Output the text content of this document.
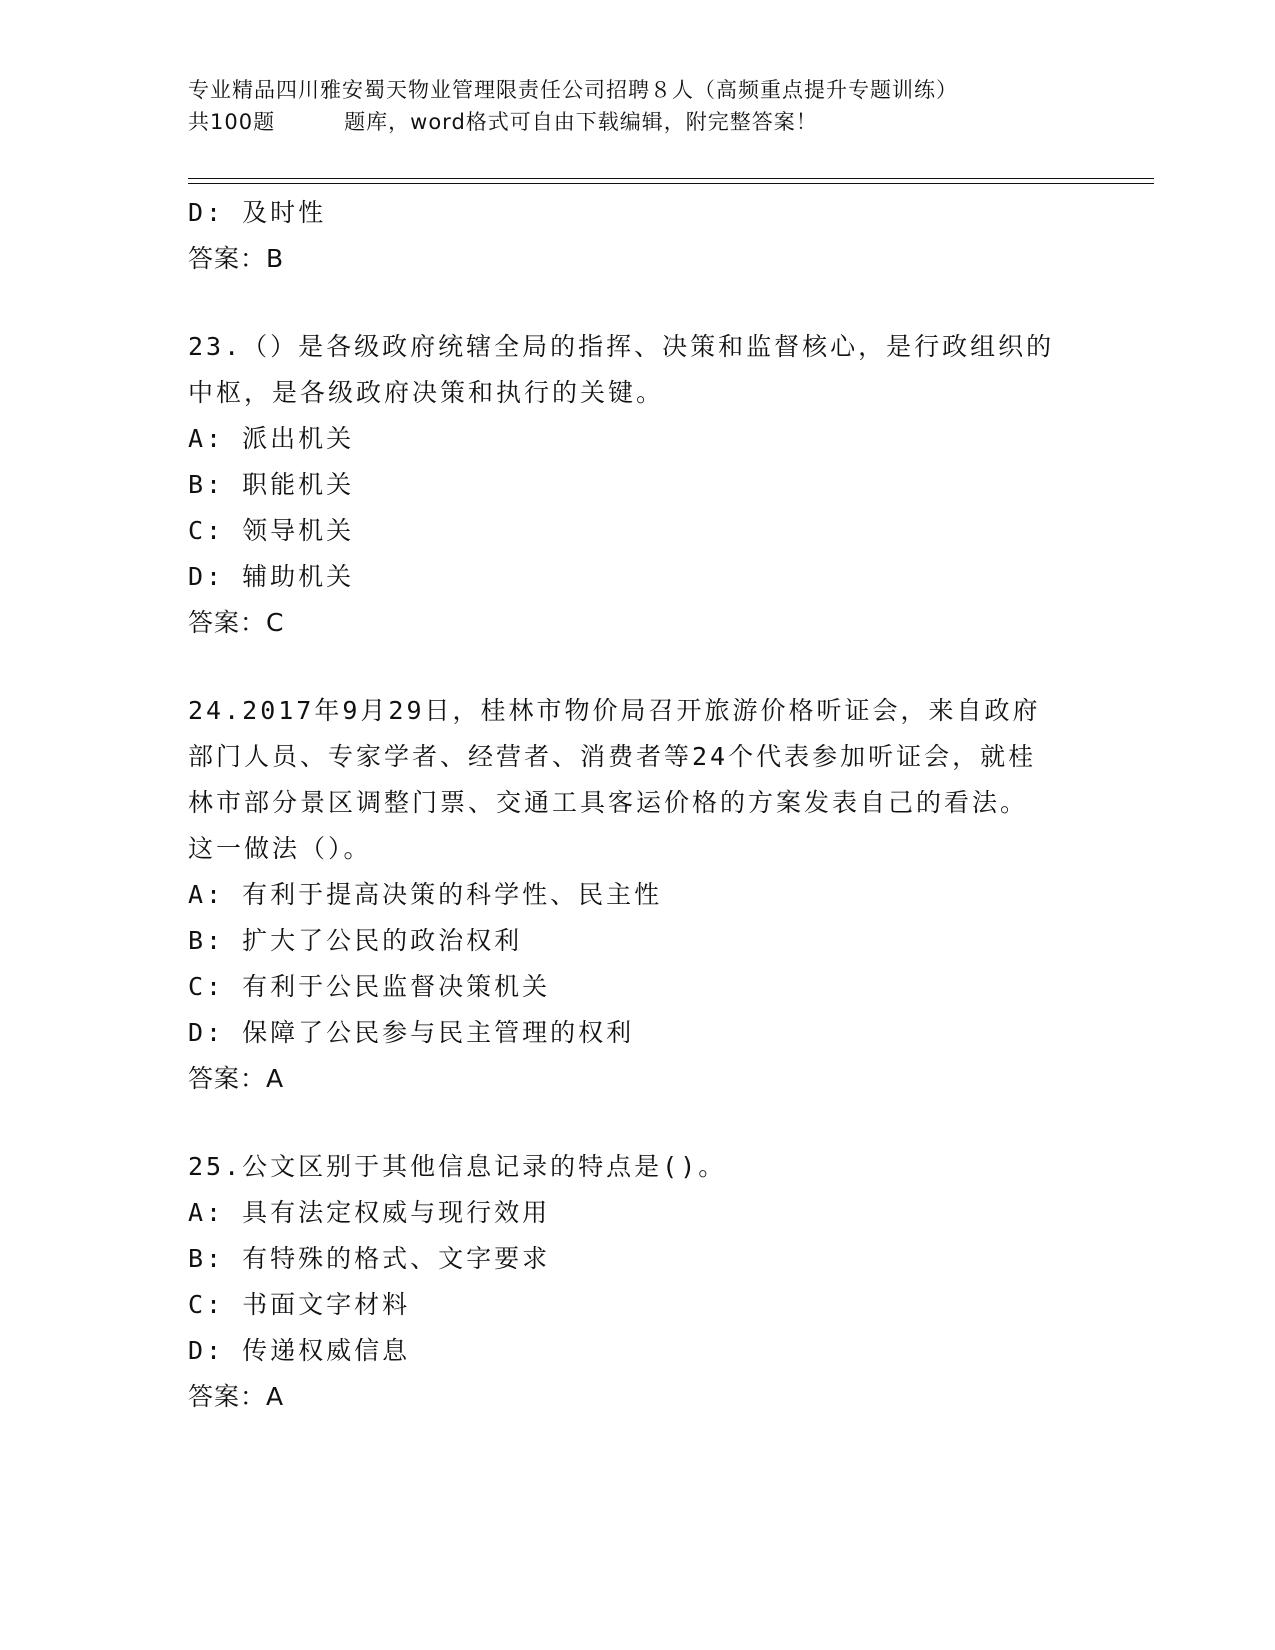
专业精品四川雅安蜀天物业管理限责任公司招聘８人（高频重点提升专题训练）
共100题         题库，word格式可自由下载编辑，附完整答案！
D: 及时性
答案：B
23.（）是各级政府统辖全局的指挥、决策和监督核心，是行政组织的
中枢，是各级政府决策和执行的关键。
A: 派出机关
B: 职能机关
C: 领导机关
D: 辅助机关
答案：C
24.2017年9月29日，桂林市物价局召开旅游价格听证会，来自政府
部门人员、专家学者、经营者、消费者等24个代表参加听证会，就桂
林市部分景区调整门票、交通工具客运价格的方案发表自己的看法。
这一做法（）。
A: 有利于提高决策的科学性、民主性
B: 扩大了公民的政治权利
C: 有利于公民监督决策机关
D: 保障了公民参与民主管理的权利
答案：A
25.公文区别于其他信息记录的特点是()。
A: 具有法定权威与现行效用
B: 有特殊的格式、文字要求
C: 书面文字材料
D: 传递权威信息
答案：A
